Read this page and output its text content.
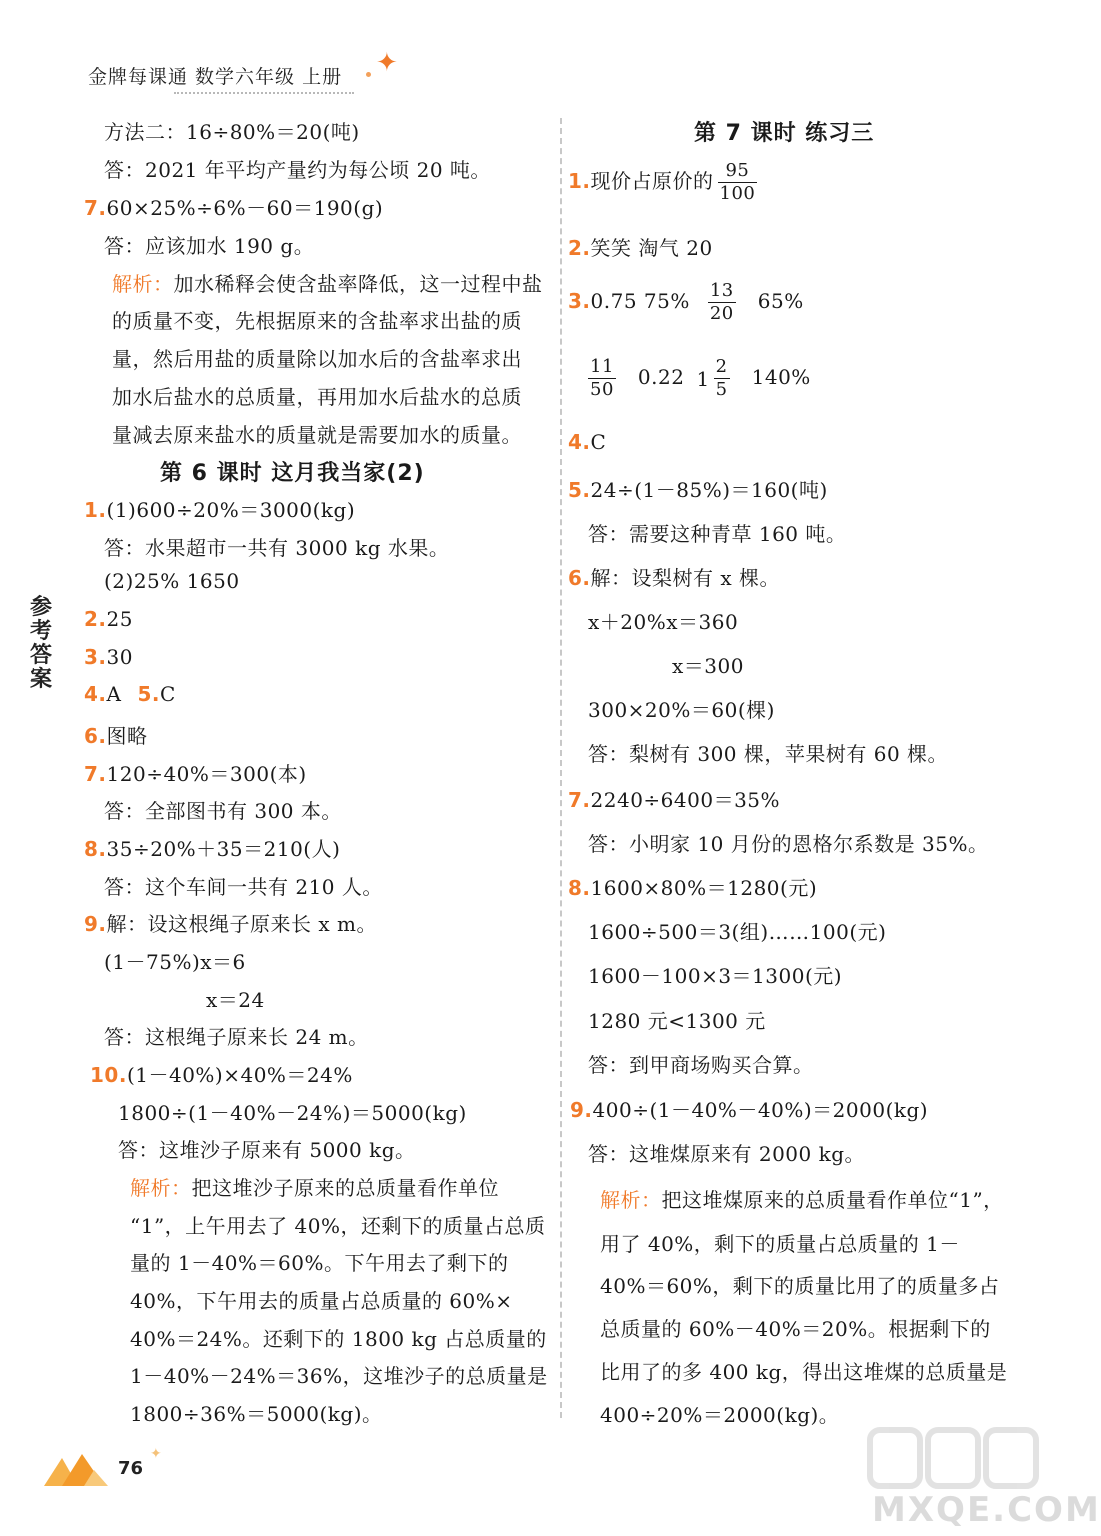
金牌每课通 数学六年级 上册 ✦
参考答案
方法二：16÷80%＝20(吨)
答：2021 年平均产量约为每公顷 20 吨。
7.60×25%÷6%－60＝190(g)
答：应该加水 190 g。
解析：加水稀释会使含盐率降低，这一过程中盐
的质量不变，先根据原来的含盐率求出盐的质
量，然后用盐的质量除以加水后的含盐率求出
加水后盐水的总质量，再用加水后盐水的总质
量减去原来盐水的质量就是需要加水的质量。
第 6 课时 这月我当家(2)
1.(1)600÷20%＝3000(kg)
答：水果超市一共有 3000 kg 水果。
(2)25% 1650
2.25
3.30
4.A 5.C
6.图略
7.120÷40%＝300(本)
答：全部图书有 300 本。
8.35÷20%＋35＝210(人)
答：这个车间一共有 210 人。
9.解：设这根绳子原来长 x m。
(1－75%)x＝6
x＝24
答：这根绳子原来长 24 m。
10.(1－40%)×40%＝24%
1800÷(1－40%－24%)＝5000(kg)
答：这堆沙子原来有 5000 kg。
解析：把这堆沙子原来的总质量看作单位
“1”，上午用去了 40%，还剩下的质量占总质
量的 1－40%＝60%。下午用去了剩下的
40%，下午用去的质量占总质量的 60%×
40%＝24%。还剩下的 1800 kg 占总质量的
1－40%－24%＝36%，这堆沙子的总质量是
1800÷36%＝5000(kg)。
第 7 课时 练习三
1.现价占原价的 $\frac{95}{100}$
2.笑笑 淘气 20
3.0.75 $75\% \frac{13}{20} 65\%$
$\frac{11}{50} 0.22$ $1 \frac{2}{5} 140\%$
4.C
5.24÷(1－85%)＝160(吨)
答：需要这种青草 160 吨。
6.解：设梨树有 x 棵。
x＋20%x＝360
x＝300
300×20%＝60(棵)
答：梨树有 300 棵，苹果树有 60 棵。
7.2240÷6400＝35%
答：小明家 10 月份的恩格尔系数是 35%。
8.1600×80%＝1280(元)
1600÷500＝3(组)……100(元)
1600－100×3＝1300(元)
1280 元<1300 元
答：到甲商场购买合算。
9.400÷(1－40%－40%)＝2000(kg)
答：这堆煤原来有 2000 kg。
解析：把这堆煤原来的总质量看作单位“1”，
用了 40%，剩下的质量占总质量的 1－
40%＝60%，剩下的质量比用了的质量多占
总质量的 60%－40%＝20%。根据剩下的
比用了的多 400 kg，得出这堆煤的总质量是
400÷20%＝2000(kg)。
✦
76
MXQE.COM
